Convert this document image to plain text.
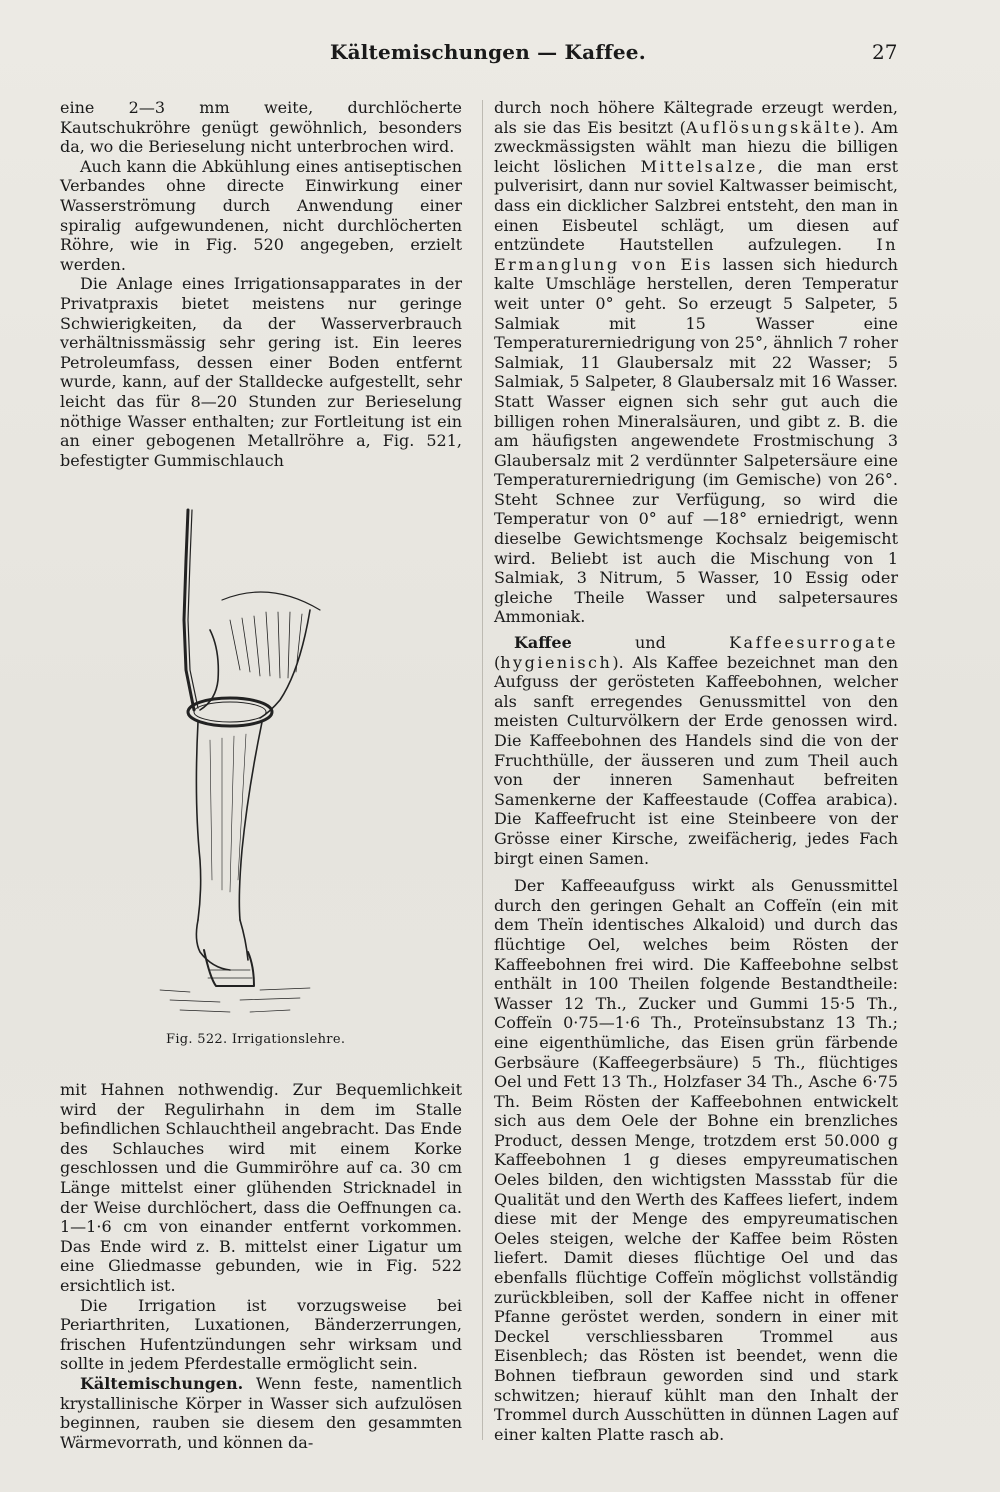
Kältemischungen — Kaffee.	27

eine 2—3 mm weite, durchlöcherte Kautschukröhre genügt gewöhnlich, besonders da, wo die Berieselung nicht unterbrochen wird.

Auch kann die Abkühlung eines antiseptischen Verbandes ohne directe Einwirkung einer Wasserströmung durch Anwendung einer spiralig aufgewundenen, nicht durchlöcherten Röhre, wie in Fig. 520 angegeben, erzielt werden.

Die Anlage eines Irrigationsapparates in der Privatpraxis bietet meistens nur geringe Schwierigkeiten, da der Wasserverbrauch verhältnissmässig sehr gering ist. Ein leeres Petroleumfass, dessen einer Boden entfernt wurde, kann, auf der Stalldecke aufgestellt, sehr leicht das für 8—20 Stunden zur Berieselung nöthige Wasser enthalten; zur Fortleitung ist ein an einer gebogenen Metallröhre a, Fig. 521, befestigter Gummischlauch

Fig. 522. Irrigationslehre.

mit Hahnen nothwendig. Zur Bequemlichkeit wird der Regulirhahn in dem im Stalle befindlichen Schlauchtheil angebracht. Das Ende des Schlauches wird mit einem Korke geschlossen und die Gummiröhre auf ca. 30 cm Länge mittelst einer glühenden Stricknadel in der Weise durchlöchert, dass die Oeffnungen ca. 1—1·6 cm von einander entfernt vorkommen. Das Ende wird z. B. mittelst einer Ligatur um eine Gliedmasse gebunden, wie in Fig. 522 ersichtlich ist.

Die Irrigation ist vorzugsweise bei Periarthriten, Luxationen, Bänderzerrungen, frischen Hufentzündungen sehr wirksam und sollte in jedem Pferdestalle ermöglicht sein.

Kältemischungen. Wenn feste, namentlich krystallinische Körper in Wasser sich aufzulösen beginnen, rauben sie diesem den gesammten Wärmevorrath, und können da-

durch noch höhere Kältegrade erzeugt werden, als sie das Eis besitzt (Auflösungskälte). Am zweckmässigsten wählt man hiezu die billigen leicht löslichen Mittelsalze, die man erst pulverisirt, dann nur soviel Kaltwasser beimischt, dass ein dicklicher Salzbrei entsteht, den man in einen Eisbeutel schlägt, um diesen auf entzündete Hautstellen aufzulegen. In Ermanglung von Eis lassen sich hiedurch kalte Umschläge herstellen, deren Temperatur weit unter 0° geht. So erzeugt 5 Salpeter, 5 Salmiak mit 15 Wasser eine Temperaturerniedrigung von 25°, ähnlich 7 roher Salmiak, 11 Glaubersalz mit 22 Wasser; 5 Salmiak, 5 Salpeter, 8 Glaubersalz mit 16 Wasser. Statt Wasser eignen sich sehr gut auch die billigen rohen Mineralsäuren, und gibt z. B. die am häufigsten angewendete Frostmischung 3 Glaubersalz mit 2 verdünnter Salpetersäure eine Temperaturerniedrigung (im Gemische) von 26°. Steht Schnee zur Verfügung, so wird die Temperatur von 0° auf —18° erniedrigt, wenn dieselbe Gewichtsmenge Kochsalz beigemischt wird. Beliebt ist auch die Mischung von 1 Salmiak, 3 Nitrum, 5 Wasser, 10 Essig oder gleiche Theile Wasser und salpetersaures Ammoniak.

Kaffee und Kaffeesurrogate (hygienisch). Als Kaffee bezeichnet man den Aufguss der gerösteten Kaffeebohnen, welcher als sanft erregendes Genussmittel von den meisten Culturvölkern der Erde genossen wird. Die Kaffeebohnen des Handels sind die von der Fruchthülle, der äusseren und zum Theil auch von der inneren Samenhaut befreiten Samenkerne der Kaffeestaude (Coffea arabica). Die Kaffeefrucht ist eine Steinbeere von der Grösse einer Kirsche, zweifächerig, jedes Fach birgt einen Samen.

Der Kaffeeaufguss wirkt als Genussmittel durch den geringen Gehalt an Coffeïn (ein mit dem Theïn identisches Alkaloid) und durch das flüchtige Oel, welches beim Rösten der Kaffeebohnen frei wird. Die Kaffeebohne selbst enthält in 100 Theilen folgende Bestandtheile: Wasser 12 Th., Zucker und Gummi 15·5 Th., Coffeïn 0·75—1·6 Th., Proteïnsubstanz 13 Th.; eine eigenthümliche, das Eisen grün färbende Gerbsäure (Kaffeegerbsäure) 5 Th., flüchtiges Oel und Fett 13 Th., Holzfaser 34 Th., Asche 6·75 Th. Beim Rösten der Kaffeebohnen entwickelt sich aus dem Oele der Bohne ein brenzliches Product, dessen Menge, trotzdem erst 50.000 g Kaffeebohnen 1 g dieses empyreumatischen Oeles bilden, den wichtigsten Massstab für die Qualität und den Werth des Kaffees liefert, indem diese mit der Menge des empyreumatischen Oeles steigen, welche der Kaffee beim Rösten liefert. Damit dieses flüchtige Oel und das ebenfalls flüchtige Coffeïn möglichst vollständig zurückbleiben, soll der Kaffee nicht in offener Pfanne geröstet werden, sondern in einer mit Deckel verschliessbaren Trommel aus Eisenblech; das Rösten ist beendet, wenn die Bohnen tiefbraun geworden sind und stark schwitzen; hierauf kühlt man den Inhalt der Trommel durch Ausschütten in dünnen Lagen auf einer kalten Platte rasch ab.
